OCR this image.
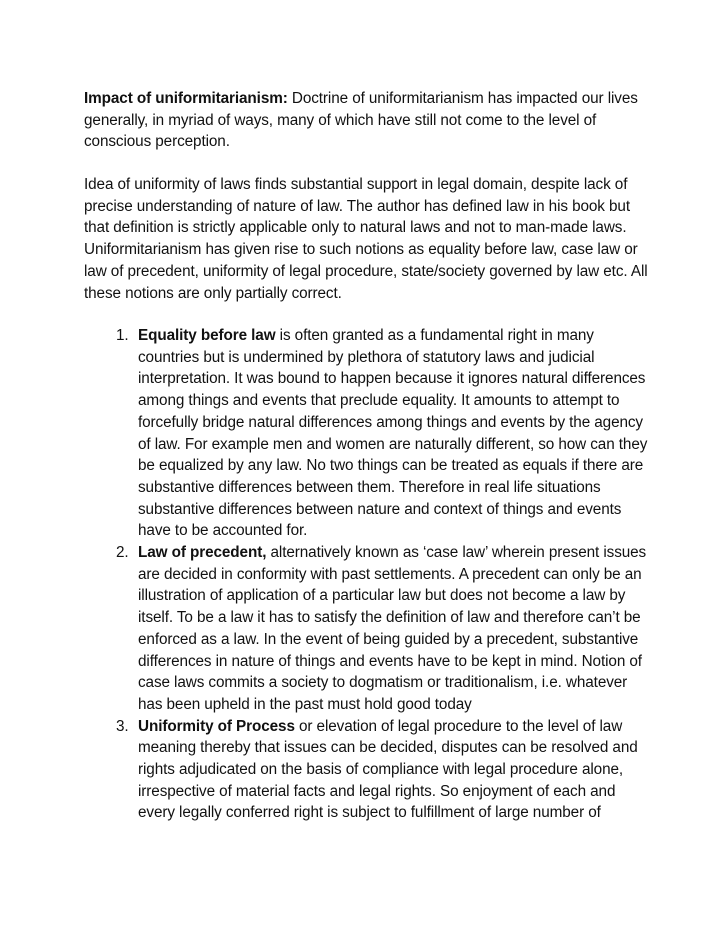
Impact of uniformitarianism: Doctrine of uniformitarianism has impacted our lives generally, in myriad of ways, many of which have still not come to the level of conscious perception.

Idea of uniformity of laws finds substantial support in legal domain, despite lack of precise understanding of nature of law. The author has defined law in his book but that definition is strictly applicable only to natural laws and not to man-made laws. Uniformitarianism has given rise to such notions as equality before law, case law or law of precedent, uniformity of legal procedure, state/society governed by law etc. All these notions are only partially correct.

1. Equality before law is often granted as a fundamental right in many countries but is undermined by plethora of statutory laws and judicial interpretation. It was bound to happen because it ignores natural differences among things and events that preclude equality. It amounts to attempt to forcefully bridge natural differences among things and events by the agency of law. For example men and women are naturally different, so how can they be equalized by any law. No two things can be treated as equals if there are substantive differences between them. Therefore in real life situations substantive differences between nature and context of things and events have to be accounted for.

2. Law of precedent, alternatively known as ‘case law’ wherein present issues are decided in conformity with past settlements. A precedent can only be an illustration of application of a particular law but does not become a law by itself. To be a law it has to satisfy the definition of law and therefore can’t be enforced as a law. In the event of being guided by a precedent, substantive differences in nature of things and events have to be kept in mind. Notion of case laws commits a society to dogmatism or traditionalism, i.e. whatever has been upheld in the past must hold good today

3. Uniformity of Process or elevation of legal procedure to the level of law meaning thereby that issues can be decided, disputes can be resolved and rights adjudicated on the basis of compliance with legal procedure alone, irrespective of material facts and legal rights. So enjoyment of each and every legally conferred right is subject to fulfillment of large number of
